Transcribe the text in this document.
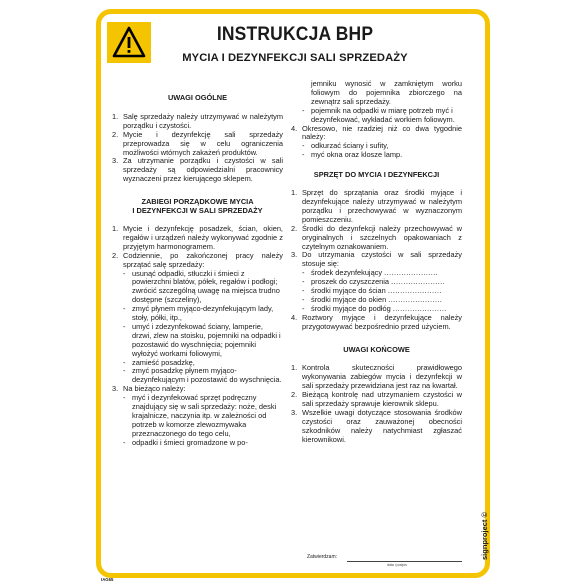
INSTRUKCJA BHP
MYCIA I DEZYNFEKCJI SALI SPRZEDAŻY

UWAGI OGÓLNE

1. Salę sprzedaży należy utrzymywać w należytym porządku i czystości.
2. Mycie i dezynfekcję sali sprzedaży przeprowadza się w celu ograniczenia możliwości wtórnych zakażeń produktów.
3. Za utrzymanie porządku i czystości w sali sprzedaży są odpowiedzialni pracownicy wyznaczeni przez kierującego sklepem.

ZABIEGI PORZĄDKOWE MYCIA
I DEZYNFEKCJI W SALI SPRZEDAŻY

1. Mycie i dezynfekcję posadzek, ścian, okien, regałów i urządzeń należy wykonywać zgodnie z przyjętym harmonogramem.
2. Codziennie, po zakończonej pracy należy sprzątać salę sprzedaży:
- usunąć odpadki, stłuczki i śmieci z powierzchni blatów, półek, regałów i podłogi; zwrócić szczególną uwagę na miejsca trudno dostępne (szczeliny),
- zmyć płynem myjąco-dezynfekującym lady, stoły, półki, itp.,
- umyć i zdezynfekować ściany, lamperie, drzwi, zlew na stoisku, pojemniki na odpadki i pozostawić do wyschnięcia; pojemniki wyłożyć workami foliowymi,
- zamieść posadzkę,
- zmyć posadzkę płynem myjąco-dezynfekującym i pozostawić do wyschnięcia.
3. Na bieżąco należy:
- myć i dezynfekować sprzęt podręczny znajdujący się w sali sprzedaży: noże, deski krajalnicze, naczynia itp. w zależności od potrzeb w komorze zlewozmywaka przeznaczonego do tego celu,
- odpadki i śmieci gromadzone w po-

jemniku wynosić w zamkniętym worku foliowym do pojemnika zbiorczego na zewnątrz sali sprzedaży.

- pojemnik na odpadki w miarę potrzeb myć i dezynfekować, wykładać workiem foliowym.
4. Okresowo, nie rzadziej niż co dwa tygodnie należy:
- odkurzać ściany i sufity,
- myć okna oraz klosze lamp.

SPRZĘT DO MYCIA I DEZYNFEKCJI

1. Sprzęt do sprzątania oraz środki myjące i dezynfekujące należy utrzymywać w należytym porządku i przechowywać w wyznaczonym pomieszczeniu.
2. Środki do dezynfekcji należy przechowywać w oryginalnych i szczelnych opakowaniach z czytelnym oznakowaniem.
3. Do utrzymania czystości w sali sprzedaży stosuje się:
- środek dezynfekujący ......................
- proszek do czyszczenia ......................
- środki myjące do ścian ......................
- środki myjące do okien ......................
- środki myjące do podłóg ......................
4. Roztwory myjące i dezynfekujące należy przygotowywać bezpośrednio przed użyciem.

UWAGI KOŃCOWE

1. Kontrola skuteczności prawidłowego wykonywania zabiegów mycia i dezynfekcji w sali sprzedaży przewidziana jest raz na kwartał.
2. Bieżącą kontrolę nad utrzymaniem czystości w sali sprzedaży sprawuje kierownik sklepu.
3. Wszelkie uwagi dotyczące stosowania środków czystości oraz zauważonej obecności szkodników należy natychmiast zgłaszać kierownikowi.
Zatwierdzam:
data i podpis
signproject ©
IAG65
